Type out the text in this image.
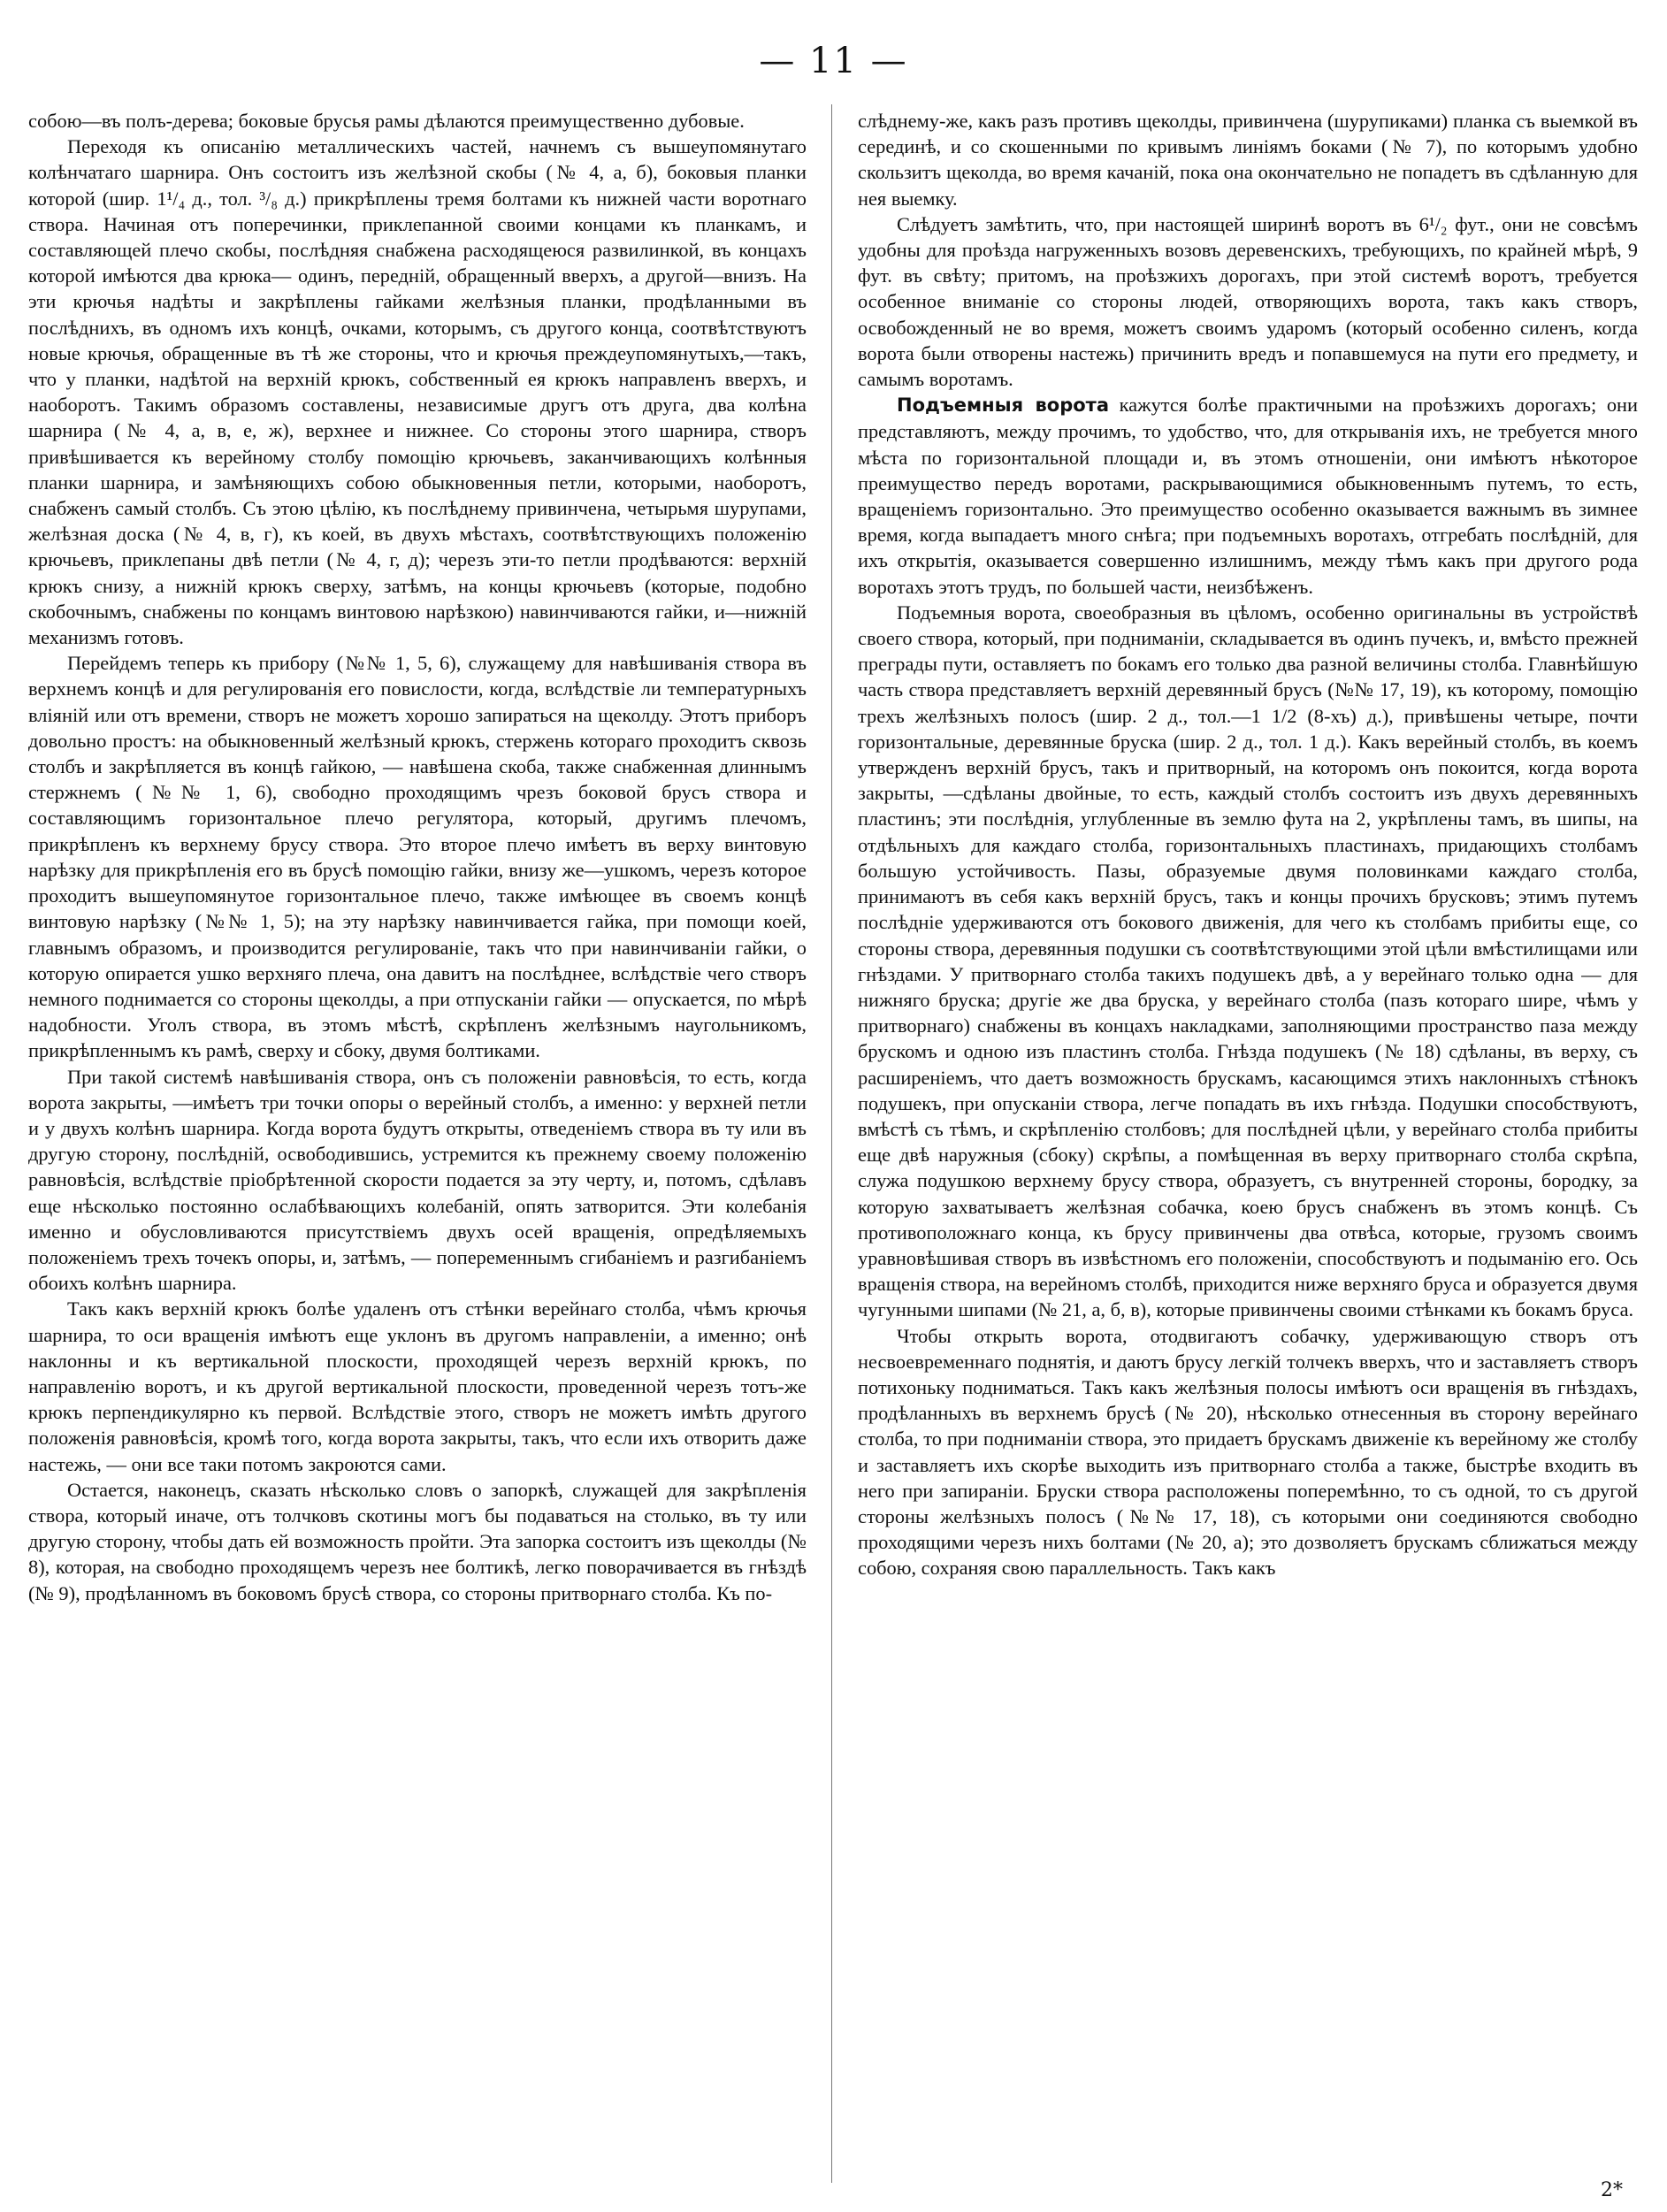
— 11 —

собою—въ полъ-дерева; боковые брусья рамы дѣлаются преимущественно дубовые.

Переходя къ описанію металлическихъ частей, начнемъ съ вышеупомянутаго колѣнчатаго шарнира. Онъ состоитъ изъ желѣзной скобы (№ 4, а, б), боковыя планки которой (шир. 1¹/₄ д., тол. ³/₈ д.) прикрѣплены тремя болтами къ нижней части воротнаго створа. Начиная отъ поперечинки, приклепанной своими концами къ планкамъ, и составляющей плечо скобы, послѣдняя снабжена расходящеюся развилинкой, въ концахъ которой имѣются два крюка— одинъ, передній, обращенный вверхъ, а другой—внизъ. На эти крючья надѣты и закрѣплены гайками желѣзныя планки, продѣланными въ послѣднихъ, въ одномъ ихъ концѣ, очками, которымъ, съ другого конца, соотвѣтствуютъ новые крючья, обращенные въ тѣ же стороны, что и крючья преждеупомянутыхъ,—такъ, что у планки, надѣтой на верхній крюкъ, собственный ея крюкъ направленъ вверхъ, и наоборотъ. Такимъ образомъ составлены, независимые другъ отъ друга, два колѣна шарнира (№ 4, а, в, е, ж), верхнее и нижнее. Со стороны этого шарнира, створъ привѣшивается къ верейному столбу помощію крючьевъ, заканчивающихъ колѣнныя планки шарнира, и замѣняющихъ собою обыкновенныя петли, которыми, наоборотъ, снабженъ самый столбъ. Съ этою цѣлію, къ послѣднему привинчена, четырьмя шурупами, желѣзная доска (№ 4, в, г), къ коей, въ двухъ мѣстахъ, соотвѣтствующихъ положенію крючьевъ, приклепаны двѣ петли (№ 4, г, д); черезъ эти-то петли продѣваются: верхній крюкъ снизу, а нижній крюкъ сверху, затѣмъ, на концы крючьевъ (которые, подобно скобочнымъ, снабжены по концамъ винтовою нарѣзкою) навинчиваются гайки, и—нижній механизмъ готовъ.

Перейдемъ теперь къ прибору (№№ 1, 5, 6), служащему для навѣшиванія створа въ верхнемъ концѣ и для регулированія его повислости, когда, вслѣдствіе ли температурныхъ вліяній или отъ времени, створъ не можетъ хорошо запираться на щеколду. Этотъ приборъ довольно простъ: на обыкновенный желѣзный крюкъ, стержень котораго проходитъ сквозь столбъ и закрѣпляется въ концѣ гайкою, — навѣшена скоба, также снабженная длиннымъ стержнемъ (№№ 1, 6), свободно проходящимъ чрезъ боковой брусъ створа и составляющимъ горизонтальное плечо регулятора, который, другимъ плечомъ, прикрѣпленъ къ верхнему брусу створа. Это второе плечо имѣетъ въ верху винтовую нарѣзку для прикрѣпленія его въ брусѣ помощію гайки, внизу же—ушкомъ, черезъ которое проходитъ вышеупомянутое горизонтальное плечо, также имѣющее въ своемъ концѣ винтовую нарѣзку (№№ 1, 5); на эту нарѣзку навинчивается гайка, при помощи коей, главнымъ образомъ, и производится регулированіе, такъ что при навинчиваніи гайки, о которую опирается ушко верхняго плеча, она давитъ на послѣднее, вслѣдствіе чего створъ немного поднимается со стороны щеколды, а при отпусканіи гайки — опускается, по мѣрѣ надобности. Уголъ створа, въ этомъ мѣстѣ, скрѣпленъ желѣзнымъ наугольникомъ, прикрѣпленнымъ къ рамѣ, сверху и сбоку, двумя болтиками.

При такой системѣ навѣшиванія створа, онъ съ положеніи равновѣсія, то есть, когда ворота закрыты, —имѣетъ три точки опоры о верейный столбъ, а именно: у верхней петли и у двухъ колѣнъ шарнира. Когда ворота будутъ открыты, отведеніемъ створа въ ту или въ другую сторону, послѣдній, освободившись, устремится къ прежнему своему положенію равновѣсія, вслѣдствіе пріобрѣтенной скорости подается за эту черту, и, потомъ, сдѣлавъ еще нѣсколько постоянно ослабѣвающихъ колебаній, опять затворится. Эти колебанія именно и обусловливаются присутствіемъ двухъ осей вращенія, опредѣляемыхъ положеніемъ трехъ точекъ опоры, и, затѣмъ, — попеременнымъ сгибаніемъ и разгибаніемъ обоихъ колѣнъ шарнира.

Такъ какъ верхній крюкъ болѣе удаленъ отъ стѣнки верейнаго столба, чѣмъ крючья шарнира, то оси вращенія имѣютъ еще уклонъ въ другомъ направленіи, а именно; онѣ наклонны и къ вертикальной плоскости, проходящей черезъ верхній крюкъ, по направленію воротъ, и къ другой вертикальной плоскости, проведенной черезъ тотъ-же крюкъ перпендикулярно къ первой. Вслѣдствіе этого, створъ не можетъ имѣть другого положенія равновѣсія, кромѣ того, когда ворота закрыты, такъ, что если ихъ отворить даже настежь, — они все таки потомъ закроются сами.

Остается, наконецъ, сказать нѣсколько словъ о запоркѣ, служащей для закрѣпленія створа, который иначе, отъ толчковъ скотины могъ бы подаваться на столько, въ ту или другую сторону, чтобы дать ей возможность пройти. Эта запорка состоитъ изъ щеколды (№ 8), которая, на свободно проходящемъ черезъ нее болтикѣ, легко поворачивается въ гнѣздѣ (№ 9), продѣланномъ въ боковомъ брусѣ створа, со стороны притворнаго столба. Къ по-

слѣднему-же, какъ разъ противъ щеколды, привинчена (шурупиками) планка съ выемкой въ серединѣ, и со скошенными по кривымъ линіямъ боками (№ 7), по которымъ удобно скользитъ щеколда, во время качаній, пока она окончательно не попадетъ въ сдѣланную для нея выемку.

Слѣдуетъ замѣтить, что, при настоящей ширинѣ воротъ въ 6¹/₂ фут., они не совсѣмъ удобны для проѣзда нагруженныхъ возовъ деревенскихъ, требующихъ, по крайней мѣрѣ, 9 фут. въ свѣту; притомъ, на проѣзжихъ дорогахъ, при этой системѣ воротъ, требуется особенное вниманіе со стороны людей, отворяющихъ ворота, такъ какъ створъ, освобожденный не во время, можетъ своимъ ударомъ (который особенно силенъ, когда ворота были отворены настежь) причинить вредъ и попавшемуся на пути его предмету, и самымъ воротамъ.

Подъемныя ворота кажутся болѣе практичными на проѣзжихъ дорогахъ; они представляютъ, между прочимъ, то удобство, что, для открыванія ихъ, не требуется много мѣста по горизонтальной площади и, въ этомъ отношеніи, они имѣютъ нѣкоторое преимущество передъ воротами, раскрывающимися обыкновеннымъ путемъ, то есть, вращеніемъ горизонтально. Это преимущество особенно оказывается важнымъ въ зимнее время, когда выпадаетъ много снѣга; при подъемныхъ воротахъ, отгребать послѣдній, для ихъ открытія, оказывается совершенно излишнимъ, между тѣмъ какъ при другого рода воротахъ этотъ трудъ, по большей части, неизбѣженъ.

Подъемныя ворота, своеобразныя въ цѣломъ, особенно оригинальны въ устройствѣ своего створа, который, при подниманіи, складывается въ одинъ пучекъ, и, вмѣсто прежней преграды пути, оставляетъ по бокамъ его только два разной величины столба. Главнѣйшую часть створа представляетъ верхній деревянный брусъ (№№ 17, 19), къ которому, помощію трехъ желѣзныхъ полосъ (шир. 2 д., тол.—1 1/2 (8-хъ) д.), привѣшены четыре, почти горизонтальные, деревянные бруска (шир. 2 д., тол. 1 д.). Какъ верейный столбъ, въ коемъ утвержденъ верхній брусъ, такъ и притворный, на которомъ онъ покоится, когда ворота закрыты, —сдѣланы двойные, то есть, каждый столбъ состоитъ изъ двухъ деревянныхъ пластинъ; эти послѣднія, углубленные въ землю фута на 2, укрѣплены тамъ, въ шипы, на отдѣльныхъ для каждаго столба, горизонтальныхъ пластинахъ, придающихъ столбамъ большую устойчивость. Пазы, образуемые двумя половинками каждаго столба, принимаютъ въ себя какъ верхній брусъ, такъ и концы прочихъ брусковъ; этимъ путемъ послѣдніе удерживаются отъ бокового движенія, для чего къ столбамъ прибиты еще, со стороны створа, деревянныя подушки съ соотвѣтствующими этой цѣли вмѣстилищами или гнѣздами. У притворнаго столба такихъ подушекъ двѣ, а у верейнаго только одна — для нижняго бруска; другіе же два бруска, у верейнаго столба (пазъ котораго шире, чѣмъ у притворнаго) снабжены въ концахъ накладками, заполняющими пространство паза между брускомъ и одною изъ пластинъ столба. Гнѣзда подушекъ (№ 18) сдѣланы, въ верху, съ расширеніемъ, что даетъ возможность брускамъ, касающимся этихъ наклонныхъ стѣнокъ подушекъ, при опусканіи створа, легче попадать въ ихъ гнѣзда. Подушки способствуютъ, вмѣстѣ съ тѣмъ, и скрѣпленію столбовъ; для послѣдней цѣли, у верейнаго столба прибиты еще двѣ наружныя (сбоку) скрѣпы, а помѣщенная въ верху притворнаго столба скрѣпа, служа подушкою верхнему брусу створа, образуетъ, съ внутренней стороны, бородку, за которую захватываетъ желѣзная собачка, коею брусъ снабженъ въ этомъ концѣ. Съ противоположнаго конца, къ брусу привинчены два отвѣса, которые, грузомъ своимъ уравновѣшивая створъ въ извѣстномъ его положеніи, способствуютъ и подыманію его. Ось вращенія створа, на верейномъ столбѣ, приходится ниже верхняго бруса и образуется двумя чугунными шипами (№ 21, а, б, в), которые привинчены своими стѣнками къ бокамъ бруса.

Чтобы открыть ворота, отодвигаютъ собачку, удерживающую створъ отъ несвоевременнаго поднятія, и даютъ брусу легкій толчекъ вверхъ, что и заставляетъ створъ потихоньку подниматься. Такъ какъ желѣзныя полосы имѣютъ оси вращенія въ гнѣздахъ, продѣланныхъ въ верхнемъ брусѣ (№ 20), нѣсколько отнесенныя въ сторону верейнаго столба, то при подниманіи створа, это придаетъ брускамъ движеніе къ верейному же столбу и заставляетъ ихъ скорѣе выходить изъ притворнаго столба а также, быстрѣе входить въ него при запираніи. Бруски створа расположены поперемѣнно, то съ одной, то съ другой стороны желѣзныхъ полосъ (№№ 17, 18), съ которыми они соединяются свободно проходящими черезъ нихъ болтами (№ 20, а); это дозволяетъ брускамъ сближаться между собою, сохраняя свою параллельность. Такъ какъ

2*
